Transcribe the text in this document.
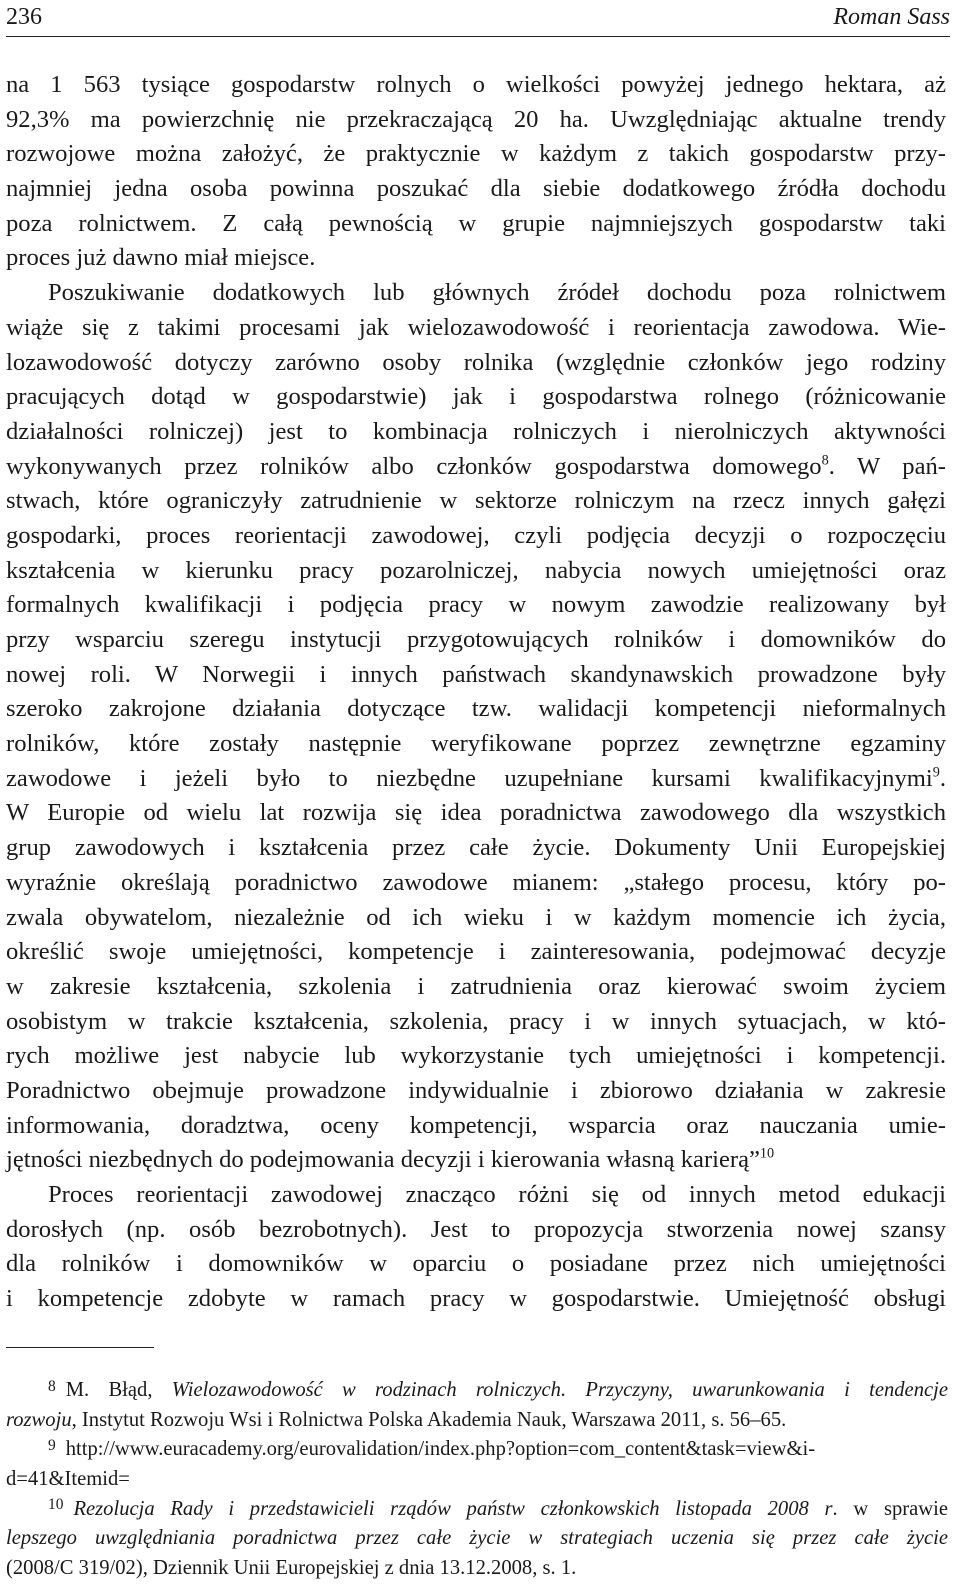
236	Roman Sass
na 1 563 tysiące gospodarstw rolnych o wielkości powyżej jednego hektara, aż
92,3% ma powierzchnię nie przekraczającą 20 ha. Uwzględniając aktualne trendy
rozwojowe można założyć, że praktycznie w każdym z takich gospodarstw przy-
najmniej jedna osoba powinna poszukać dla siebie dodatkowego źródła dochodu
poza rolnictwem. Z całą pewnością w grupie najmniejszych gospodarstw taki
proces już dawno miał miejsce.
Poszukiwanie dodatkowych lub głównych źródeł dochodu poza rolnictwem
wiąże się z takimi procesami jak wielozawodowość i reorientacja zawodowa. Wie-
lozawodowość dotyczy zarówno osoby rolnika (względnie członków jego rodziny
pracujących dotąd w gospodarstwie) jak i gospodarstwa rolnego (różnicowanie
działalności rolniczej) jest to kombinacja rolniczych i nierolniczych aktywności
wykonywanych przez rolników albo członków gospodarstwa domowego$^8$. W pań-
stwach, które ograniczyły zatrudnienie w sektorze rolniczym na rzecz innych gałęzi
gospodarki, proces reorientacji zawodowej, czyli podjęcia decyzji o rozpoczęciu
kształcenia w kierunku pracy pozarolniczej, nabycia nowych umiejętności oraz
formalnych kwalifikacji i podjęcia pracy w nowym zawodzie realizowany był
przy wsparciu szeregu instytucji przygotowujących rolników i domowników do
nowej roli. W Norwegii i innych państwach skandynawskich prowadzone były
szeroko zakrojone działania dotyczące tzw. walidacji kompetencji nieformalnych
rolników, które zostały następnie weryfikowane poprzez zewnętrzne egzaminy
zawodowe i jeżeli było to niezbędne uzupełniane kursami kwalifikacyjnymi$^9$.
W Europie od wielu lat rozwija się idea poradnictwa zawodowego dla wszystkich
grup zawodowych i kształcenia przez całe życie. Dokumenty Unii Europejskiej
wyraźnie określają poradnictwo zawodowe mianem: „stałego procesu, który po-
zwala obywatelom, niezależnie od ich wieku i w każdym momencie ich życia,
określić swoje umiejętności, kompetencje i zainteresowania, podejmować decyzje
w zakresie kształcenia, szkolenia i zatrudnienia oraz kierować swoim życiem
osobistym w trakcie kształcenia, szkolenia, pracy i w innych sytuacjach, w któ-
rych możliwe jest nabycie lub wykorzystanie tych umiejętności i kompetencji.
Poradnictwo obejmuje prowadzone indywidualnie i zbiorowo działania w zakresie
informowania, doradztwa, oceny kompetencji, wsparcia oraz nauczania umie-
jętności niezbędnych do podejmowania decyzji i kierowania własną karierą”$^{10}$
Proces reorientacji zawodowej znacząco różni się od innych metod edukacji
dorosłych (np. osób bezrobotnych). Jest to propozycja stworzenia nowej szansy
dla rolników i domowników w oparciu o posiadane przez nich umiejętności
i kompetencje zdobyte w ramach pracy w gospodarstwie. Umiejętność obsługi
$^8$ M. Błąd, Wielozawodowość w rodzinach rolniczych. Przyczyny, uwarunkowania i tendencje
rozwoju, Instytut Rozwoju Wsi i Rolnictwa Polska Akademia Nauk, Warszawa 2011, s. 56–65.
$^9$ http://www.euracademy.org/eurovalidation/index.php?option=com_content&task=view&i-
d=41&Itemid=
$^{10}$ Rezolucja Rady i przedstawicieli rządów państw członkowskich listopada 2008 r. w sprawie
lepszego uwzględniania poradnictwa przez całe życie w strategiach uczenia się przez całe życie
(2008/C 319/02), Dziennik Unii Europejskiej z dnia 13.12.2008, s. 1.
